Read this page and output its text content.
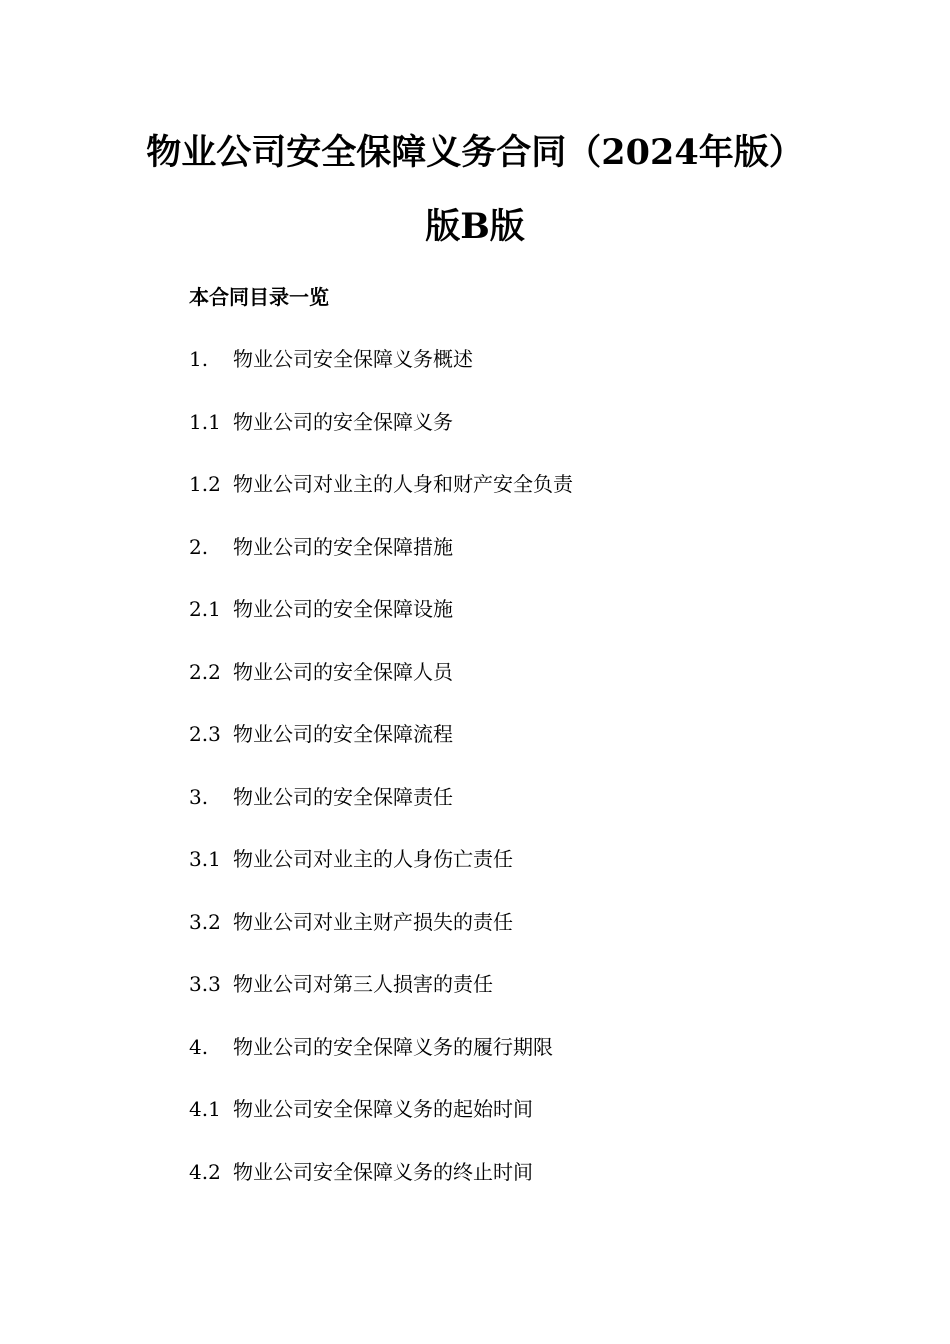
物业公司安全保障义务合同（2024年版）
版B版
本合同目录一览
1. 物业公司安全保障义务概述
1.1 物业公司的安全保障义务
1.2 物业公司对业主的人身和财产安全负责
2. 物业公司的安全保障措施
2.1 物业公司的安全保障设施
2.2 物业公司的安全保障人员
2.3 物业公司的安全保障流程
3. 物业公司的安全保障责任
3.1 物业公司对业主的人身伤亡责任
3.2 物业公司对业主财产损失的责任
3.3 物业公司对第三人损害的责任
4. 物业公司的安全保障义务的履行期限
4.1 物业公司安全保障义务的起始时间
4.2 物业公司安全保障义务的终止时间
